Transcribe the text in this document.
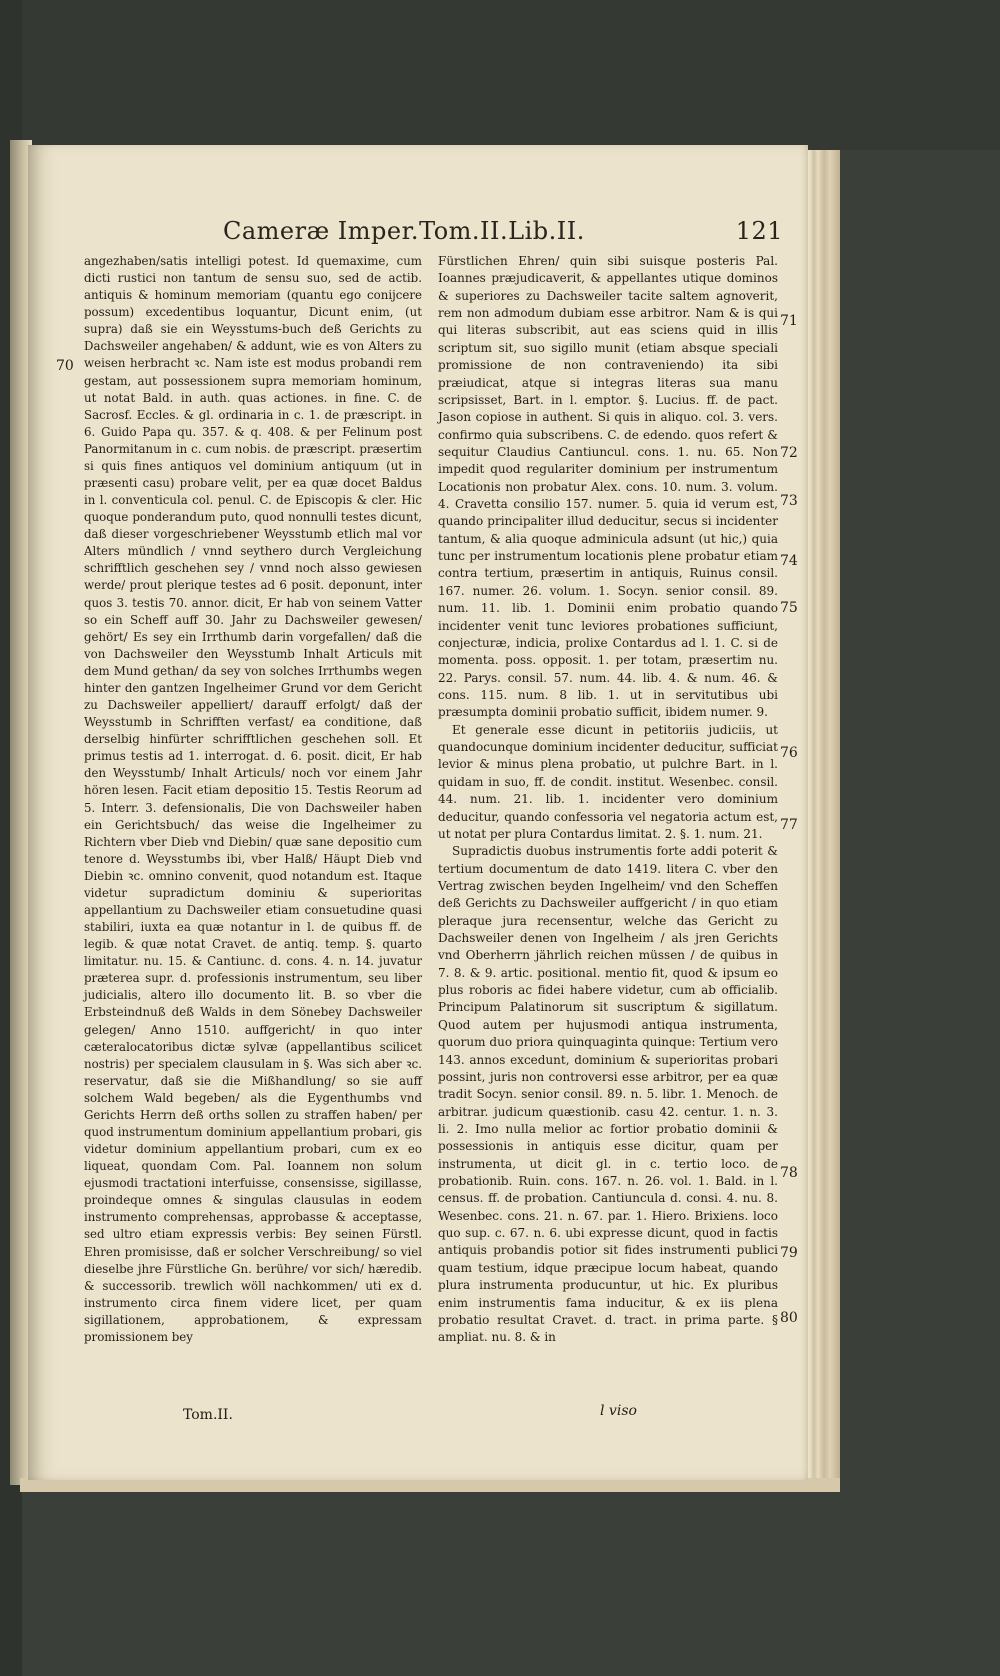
Cameræ Imper.Tom.II.Lib.II.	121

angezhaben/satis intelligi potest. Id quemaxime, cum dicti rustici non tantum de sensu suo, sed de actib. antiquis & hominum memoriam (quantu ego conijcere possum) excedentibus loquantur, Dicunt enim, (ut supra) daß sie ein Weysstums-buch deß Gerichts zu Dachsweiler angehaben/ & addunt, wie es von Alters zu weisen herbracht ꝛc. Nam iste est modus probandi rem gestam, aut possessionem supra memoriam hominum, ut notat Bald. in auth. quas actiones. in fine. C. de Sacrosf. Eccles. & gl. ordinaria in c. 1. de præscript. in 6. Guido Papa qu. 357. & q. 408. & per Felinum post Panormitanum in c. cum nobis. de præscript. præsertim si quis fines antiquos vel dominium antiquum (ut in præsenti casu) probare velit, per ea quæ docet Baldus in l. conventicula col. penul. C. de Episcopis & cler. Hic quoque ponderandum puto, quod nonnulli testes dicunt, daß dieser vorgeschriebener Weysstumb etlich mal vor Alters mündlich / vnnd seythero durch Vergleichung schrifftlich geschehen sey / vnnd noch alsso gewiesen werde/ prout plerique testes ad 6 posit. deponunt, inter quos 3. testis 70. annor. dicit, Er hab von seinem Vatter so ein Scheff auff 30. Jahr zu Dachsweiler gewesen/ gehört/ Es sey ein Irrthumb darin vorgefallen/ daß die von Dachsweiler den Weysstumb Inhalt Articuls mit dem Mund gethan/ da sey von solches Irrthumbs wegen hinter den gantzen Ingelheimer Grund vor dem Gericht zu Dachsweiler appelliert/ darauff erfolgt/ daß der Weysstumb in Schrifften verfast/ ea conditione, daß derselbig hinfürter schrifftlichen geschehen soll. Et primus testis ad 1. interrogat. d. 6. posit. dicit, Er hab den Weysstumb/ Inhalt Articuls/ noch vor einem Jahr hören lesen. Facit etiam depositio 15. Testis Reorum ad 5. Interr. 3. defensionalis, Die von Dachsweiler haben ein Gerichtsbuch/ das weise die Ingelheimer zu Richtern vber Dieb vnd Diebin/ quæ sane depositio cum tenore d. Weysstumbs ibi, vber Halß/ Häupt Dieb vnd Diebin ꝛc. omnino convenit, quod notandum est. Itaque videtur supradictum dominiu & superioritas appellantium zu Dachsweiler etiam consuetudine quasi stabiliri, iuxta ea quæ notantur in l. de quibus ff. de legib. & quæ notat Cravet. de antiq. temp. §. quarto limitatur. nu. 15. & Cantiunc. d. cons. 4. n. 14. juvatur præterea supr. d. professionis instrumentum, seu liber judicialis, altero illo documento lit. B. so vber die Erbsteindnuß deß Walds in dem Sönebey Dachsweiler gelegen/ Anno 1510. auffgericht/ in quo inter cæteralocatoribus dictæ sylvæ (appellantibus scilicet nostris) per specialem clausulam in §. Was sich aber ꝛc. reservatur, daß sie die Mißhandlung/ so sie auff solchem Wald begeben/ als die Eygenthumbs vnd Gerichts Herrn deß orths sollen zu straffen haben/ per quod instrumentum dominium appellantium probari, gis videtur dominium appellantium probari, cum ex eo liqueat, quondam Com. Pal. Ioannem non solum ejusmodi tractationi interfuisse, consensisse, sigillasse, proindeque omnes & singulas clausulas in eodem instrumento comprehensas, approbasse & acceptasse, sed ultro etiam expressis verbis: Bey seinen Fürstl. Ehren promisisse, daß er solcher Verschreibung/ so viel dieselbe jhre Fürstliche Gn. berühre/ vor sich/ hæredib. & successorib. trewlich wöll nachkommen/ uti ex d. instrumento circa finem videre licet, per quam sigillationem, approbationem, & expressam promissionem bey

Fürstlichen Ehren/ quin sibi suisque posteris Pal. Ioannes præjudicaverit, & appellantes utique dominos & superiores zu Dachsweiler tacite saltem agnoverit, rem non admodum dubiam esse arbitror. Nam & is qui qui literas subscribit, aut eas sciens quid in illis scriptum sit, suo sigillo munit (etiam absque speciali promissione de non contraveniendo) ita sibi præiudicat, atque si integras literas sua manu scripsisset, Bart. in l. emptor. §. Lucius. ff. de pact. Jason copiose in authent. Si quis in aliquo. col. 3. vers. confirmo quia subscribens. C. de edendo. quos refert & sequitur Claudius Cantiuncul. cons. 1. nu. 65. Non impedit quod regulariter dominium per instrumentum Locationis non probatur Alex. cons. 10. num. 3. volum. 4. Cravetta consilio 157. numer. 5. quia id verum est, quando principaliter illud deducitur, secus si incidenter tantum, & alia quoque adminicula adsunt (ut hic,) quia tunc per instrumentum locationis plene probatur etiam contra tertium, præsertim in antiquis, Ruinus consil. 167. numer. 26. volum. 1. Socyn. senior consil. 89. num. 11. lib. 1. Dominii enim probatio quando incidenter venit tunc leviores probationes sufficiunt, conjecturæ, indicia, prolixe Contardus ad l. 1. C. si de momenta. poss. opposit. 1. per totam, præsertim nu. 22. Parys. consil. 57. num. 44. lib. 4. & num. 46. & cons. 115. num. 8 lib. 1. ut in servitutibus ubi præsumpta dominii probatio sufficit, ibidem numer. 9.

Et generale esse dicunt in petitoriis judiciis, ut quandocunque dominium incidenter deducitur, sufficiat levior & minus plena probatio, ut pulchre Bart. in l. quidam in suo, ff. de condit. institut. Wesenbec. consil. 44. num. 21. lib. 1. incidenter vero dominium deducitur, quando confessoria vel negatoria actum est, ut notat per plura Contardus limitat. 2. §. 1. num. 21.

Supradictis duobus instrumentis forte addi poterit & tertium documentum de dato 1419. litera C. vber den Vertrag zwischen beyden Ingelheim/ vnd den Scheffen deß Gerichts zu Dachsweiler auffgericht / in quo etiam pleraque jura recensentur, welche das Gericht zu Dachsweiler denen von Ingelheim / als jren Gerichts vnd Oberherrn jährlich reichen müssen / de quibus in 7. 8. & 9. artic. positional. mentio fit, quod & ipsum eo plus roboris ac fidei habere videtur, cum ab officialib. Principum Palatinorum sit suscriptum & sigillatum. Quod autem per hujusmodi antiqua instrumenta, quorum duo priora quinquaginta quinque: Tertium vero 143. annos excedunt, dominium & superioritas probari possint, juris non controversi esse arbitror, per ea quæ tradit Socyn. senior consil. 89. n. 5. libr. 1. Menoch. de arbitrar. judicum quæstionib. casu 42. centur. 1. n. 3. li. 2. Imo nulla melior ac fortior probatio dominii & possessionis in antiquis esse dicitur, quam per instrumenta, ut dicit gl. in c. tertio loco. de probationib. Ruin. cons. 167. n. 26. vol. 1. Bald. in l. census. ff. de probation. Cantiuncula d. consi. 4. nu. 8. Wesenbec. cons. 21. n. 67. par. 1. Hiero. Brixiens. loco quo sup. c. 67. n. 6. ubi expresse dicunt, quod in factis antiquis probandis potior sit fides instrumenti publici quam testium, idque præcipue locum habeat, quando plura instrumenta producuntur, ut hic. Ex pluribus enim instrumentis fama inducitur, & ex iis plena probatio resultat Cravet. d. tract. in prima parte. § ampliat. nu. 8. & in

70
71
72
73
74
75
76
77
78
79
80
Tom.II.	l viso
